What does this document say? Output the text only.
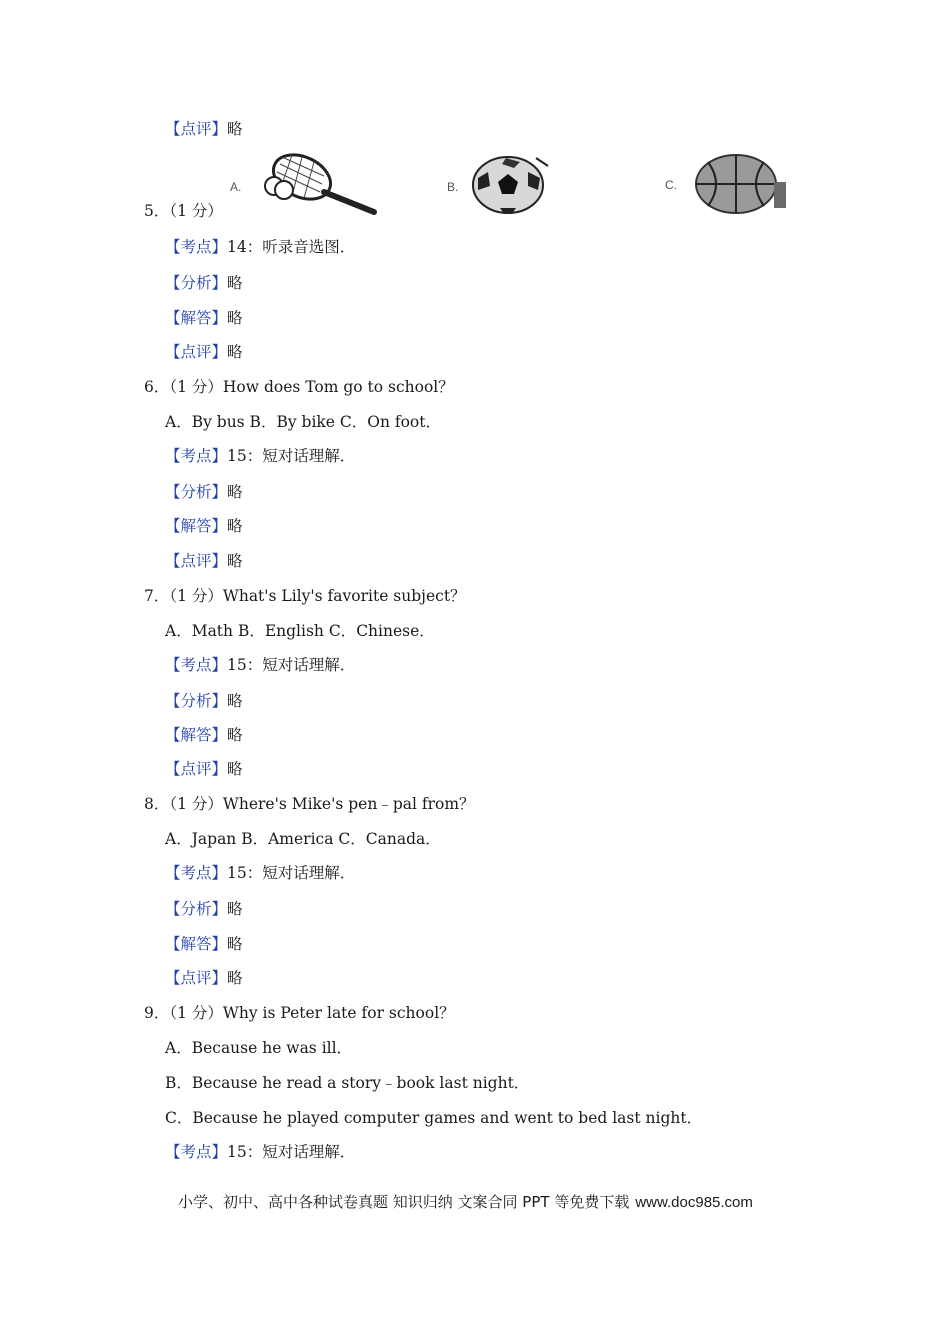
【点评】略
5．（1 分）
【考点】14：听录音选图．
【分析】略
【解答】略
【点评】略
6．（1 分）How does Tom go to school？
A．By bus B．By bike C．On foot．
【考点】15：短对话理解．
【分析】略
【解答】略
【点评】略
7．（1 分）What's Lily's favorite subject？
A．Math B．English C．Chinese．
【考点】15：短对话理解．
【分析】略
【解答】略
【点评】略
8．（1 分）Where's Mike's pen﹣pal from？
A．Japan B．America C．Canada．
【考点】15：短对话理解．
【分析】略
【解答】略
【点评】略
9．（1 分）Why is Peter late for school？
A．Because he was ill．
B．Because he read a story﹣book last night．
C．Because he played computer games and went to bed last night．
【考点】15：短对话理解．
A.	B.	C.
小学、初中、高中各种试卷真题 知识归纳 文案合同 PPT 等免费下载 www.doc985.com
